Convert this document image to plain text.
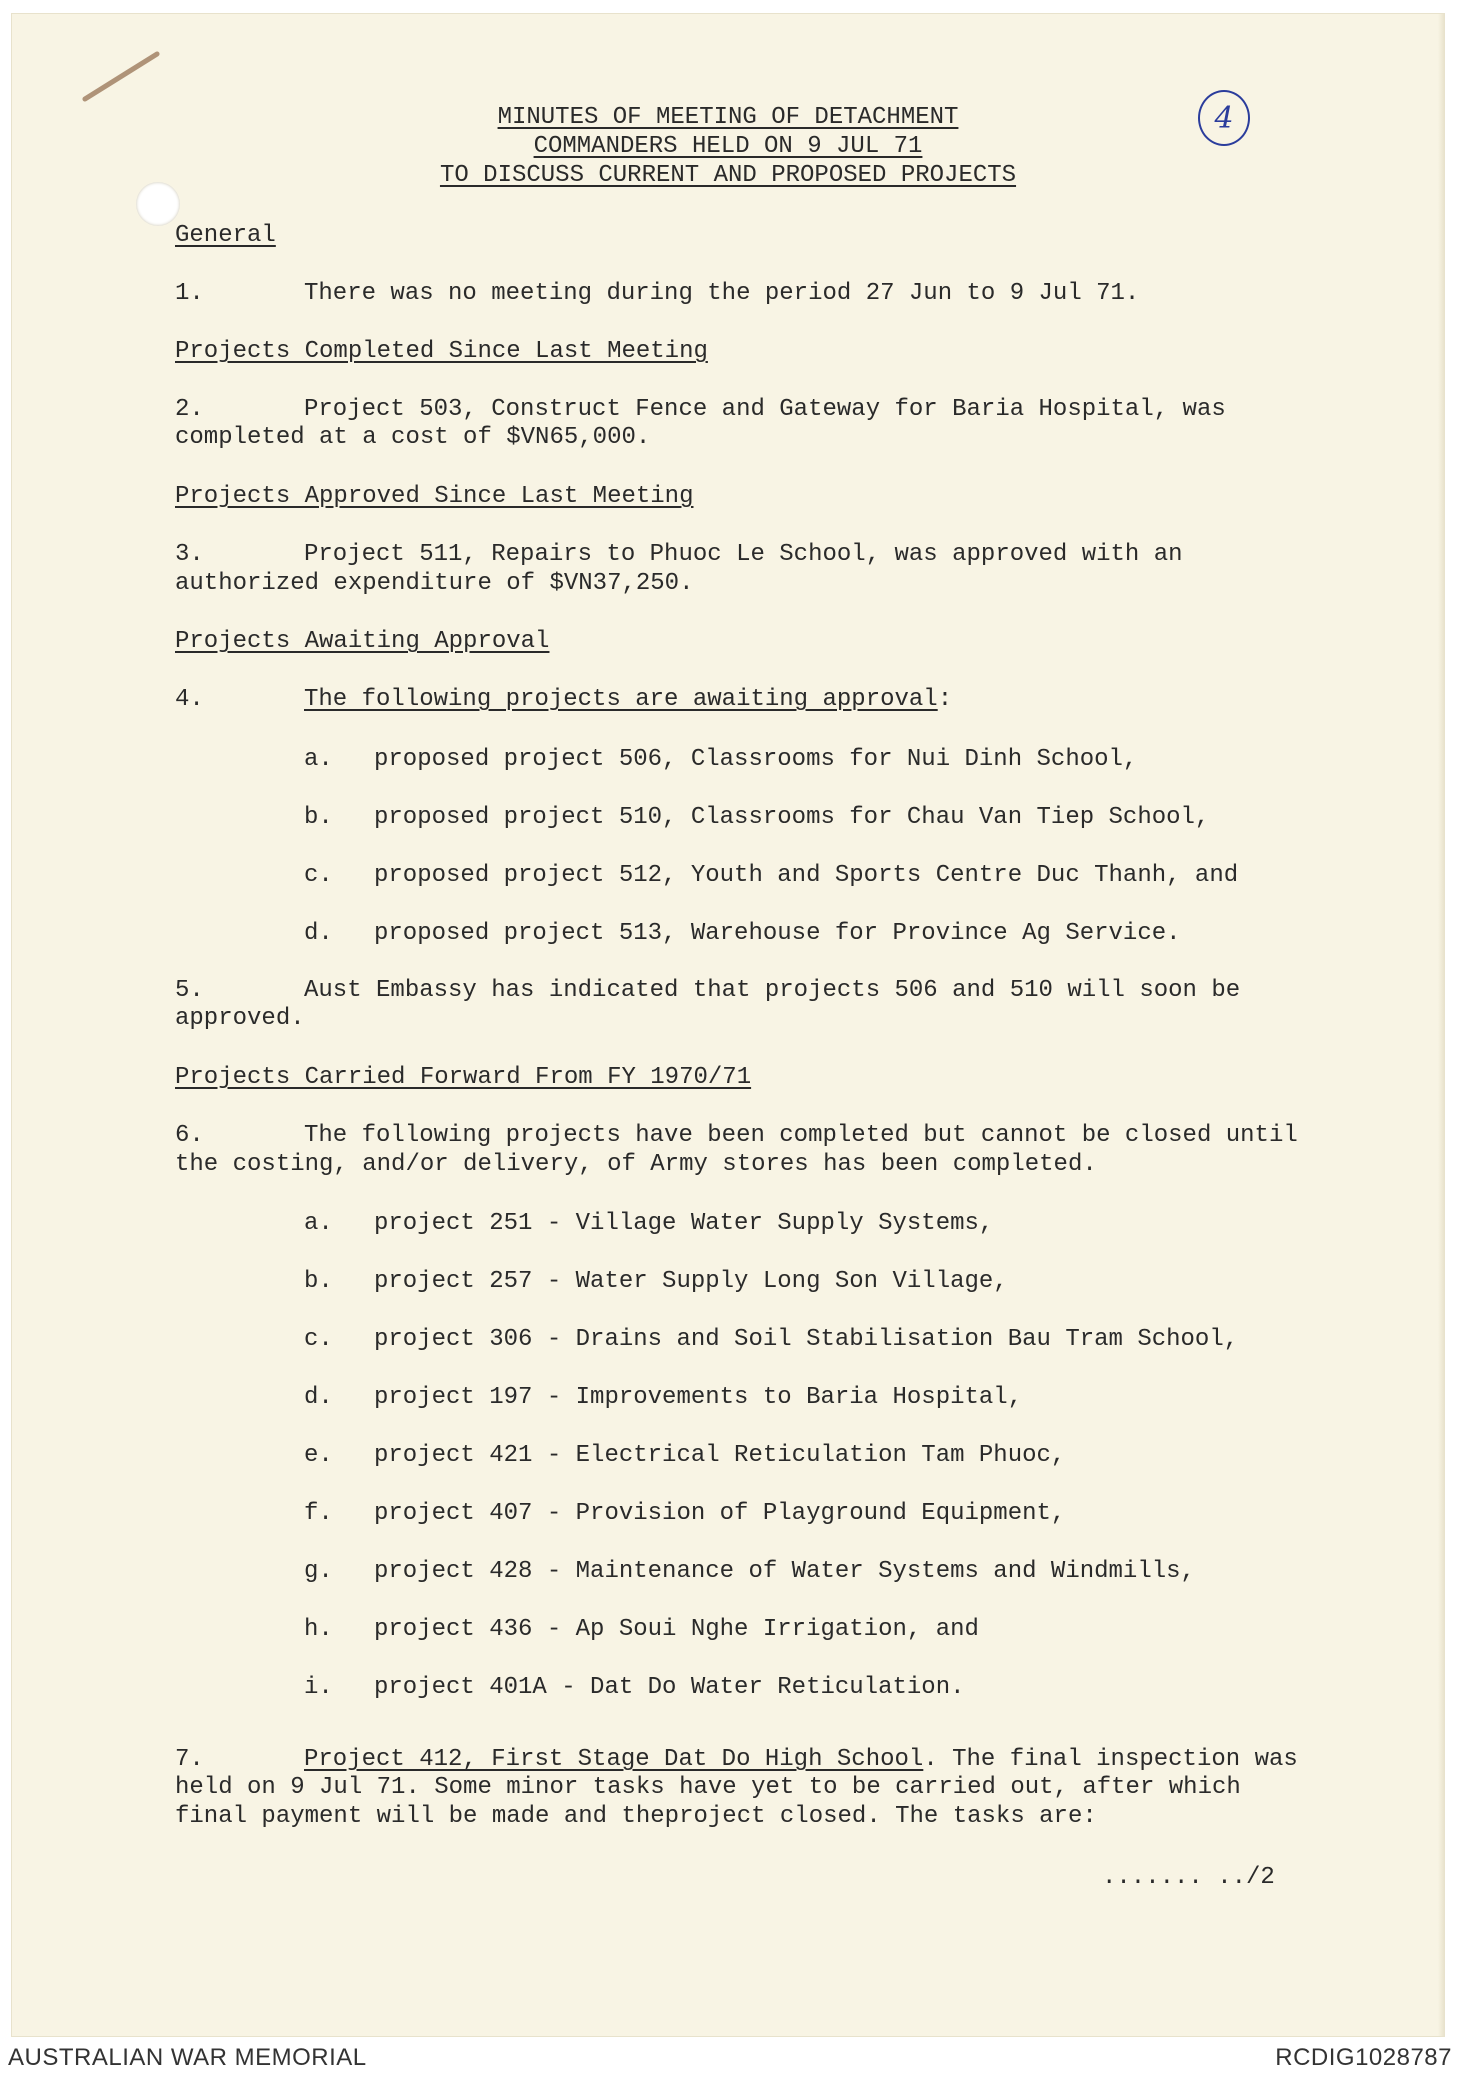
4
MINUTES OF MEETING OF DETACHMENT
COMMANDERS HELD ON 9 JUL 71
TO DISCUSS CURRENT AND PROPOSED PROJECTS
General
1.	There was no meeting during the period 27 Jun to 9 Jul 71.
Projects Completed Since Last Meeting
2.	Project 503, Construct Fence and Gateway for Baria Hospital, was
completed at a cost of $VN65,000.
Projects Approved Since Last Meeting
3.	Project 511, Repairs to Phuoc Le School, was approved with an
authorized expenditure of $VN37,250.
Projects Awaiting Approval
4.	The following projects are awaiting approval:
a. proposed project 506, Classrooms for Nui Dinh School,
b. proposed project 510, Classrooms for Chau Van Tiep School,
c. proposed project 512, Youth and Sports Centre Duc Thanh, and
d. proposed project 513, Warehouse for Province Ag Service.
5.	Aust Embassy has indicated that projects 506 and 510 will soon be
approved.
Projects Carried Forward From FY 1970/71
6.	The following projects have been completed but cannot be closed until
the costing, and/or delivery, of Army stores has been completed.
a. project 251 - Village Water Supply Systems,
b. project 257 - Water Supply Long Son Village,
c. project 306 - Drains and Soil Stabilisation Bau Tram School,
d. project 197 - Improvements to Baria Hospital,
e. project 421 - Electrical Reticulation Tam Phuoc,
f. project 407 - Provision of Playground Equipment,
g. project 428 - Maintenance of Water Systems and Windmills,
h. project 436 - Ap Soui Nghe Irrigation, and
i. project 401A - Dat Do Water Reticulation.
7.	Project 412, First Stage Dat Do High School. The final inspection was
held on 9 Jul 71. Some minor tasks have yet to be carried out, after which
final payment will be made and theproject closed. The tasks are:
....... ../2
AUSTRALIAN WAR MEMORIAL	RCDIG1028787
